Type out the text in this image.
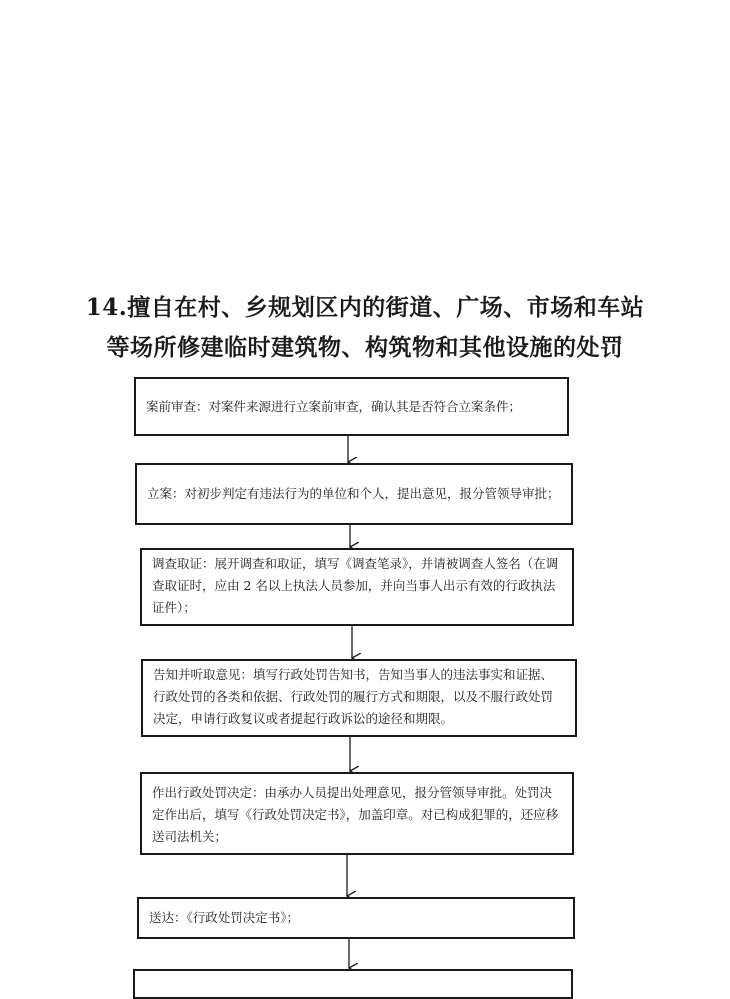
14.擅自在村、乡规划区内的街道、广场、市场和车站
等场所修建临时建筑物、构筑物和其他设施的处罚
案前审查：对案件来源进行立案前审查，确认其是否符合立案条件；
立案：对初步判定有违法行为的单位和个人，提出意见，报分管领导审批；
调查取证：展开调查和取证，填写《调查笔录》，并请被调查人签名（在调查取证时，应由 2 名以上执法人员参加，并向当事人出示有效的行政执法证件）；
告知并听取意见：填写行政处罚告知书，告知当事人的违法事实和证据、行政处罚的各类和依据、行政处罚的履行方式和期限，以及不服行政处罚决定，申请行政复议或者提起行政诉讼的途径和期限。
作出行政处罚决定：由承办人员提出处理意见，报分管领导审批。处罚决定作出后，填写《行政处罚决定书》，加盖印章。对已构成犯罪的，还应移送司法机关；
送达：《行政处罚决定书》；
